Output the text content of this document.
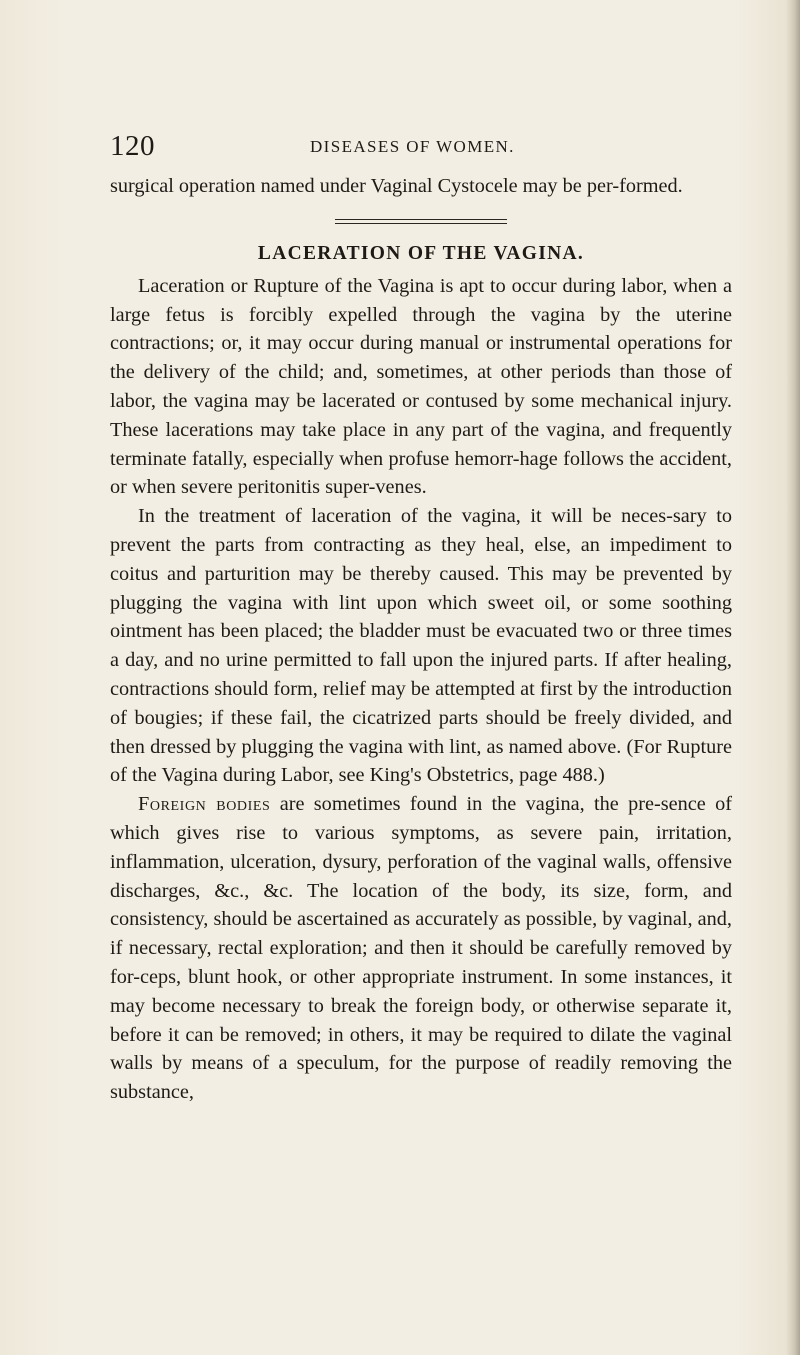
120	DISEASES OF WOMEN.

surgical operation named under Vaginal Cystocele may be per-formed.

LACERATION OF THE VAGINA.

Laceration or Rupture of the Vagina is apt to occur during labor, when a large fetus is forcibly expelled through the vagina by the uterine contractions; or, it may occur during manual or instrumental operations for the delivery of the child; and, sometimes, at other periods than those of labor, the vagina may be lacerated or contused by some mechanical injury. These lacerations may take place in any part of the vagina, and frequently terminate fatally, especially when profuse hemorr-hage follows the accident, or when severe peritonitis super-venes.

In the treatment of laceration of the vagina, it will be neces-sary to prevent the parts from contracting as they heal, else, an impediment to coitus and parturition may be thereby caused. This may be prevented by plugging the vagina with lint upon which sweet oil, or some soothing ointment has been placed; the bladder must be evacuated two or three times a day, and no urine permitted to fall upon the injured parts. If after healing, contractions should form, relief may be attempted at first by the introduction of bougies; if these fail, the cicatrized parts should be freely divided, and then dressed by plugging the vagina with lint, as named above. (For Rupture of the Vagina during Labor, see King's Obstetrics, page 488.)

Foreign bodies are sometimes found in the vagina, the pre-sence of which gives rise to various symptoms, as severe pain, irritation, inflammation, ulceration, dysury, perforation of the vaginal walls, offensive discharges, &c., &c. The location of the body, its size, form, and consistency, should be ascertained as accurately as possible, by vaginal, and, if necessary, rectal exploration; and then it should be carefully removed by for-ceps, blunt hook, or other appropriate instrument. In some instances, it may become necessary to break the foreign body, or otherwise separate it, before it can be removed; in others, it may be required to dilate the vaginal walls by means of a speculum, for the purpose of readily removing the substance,
